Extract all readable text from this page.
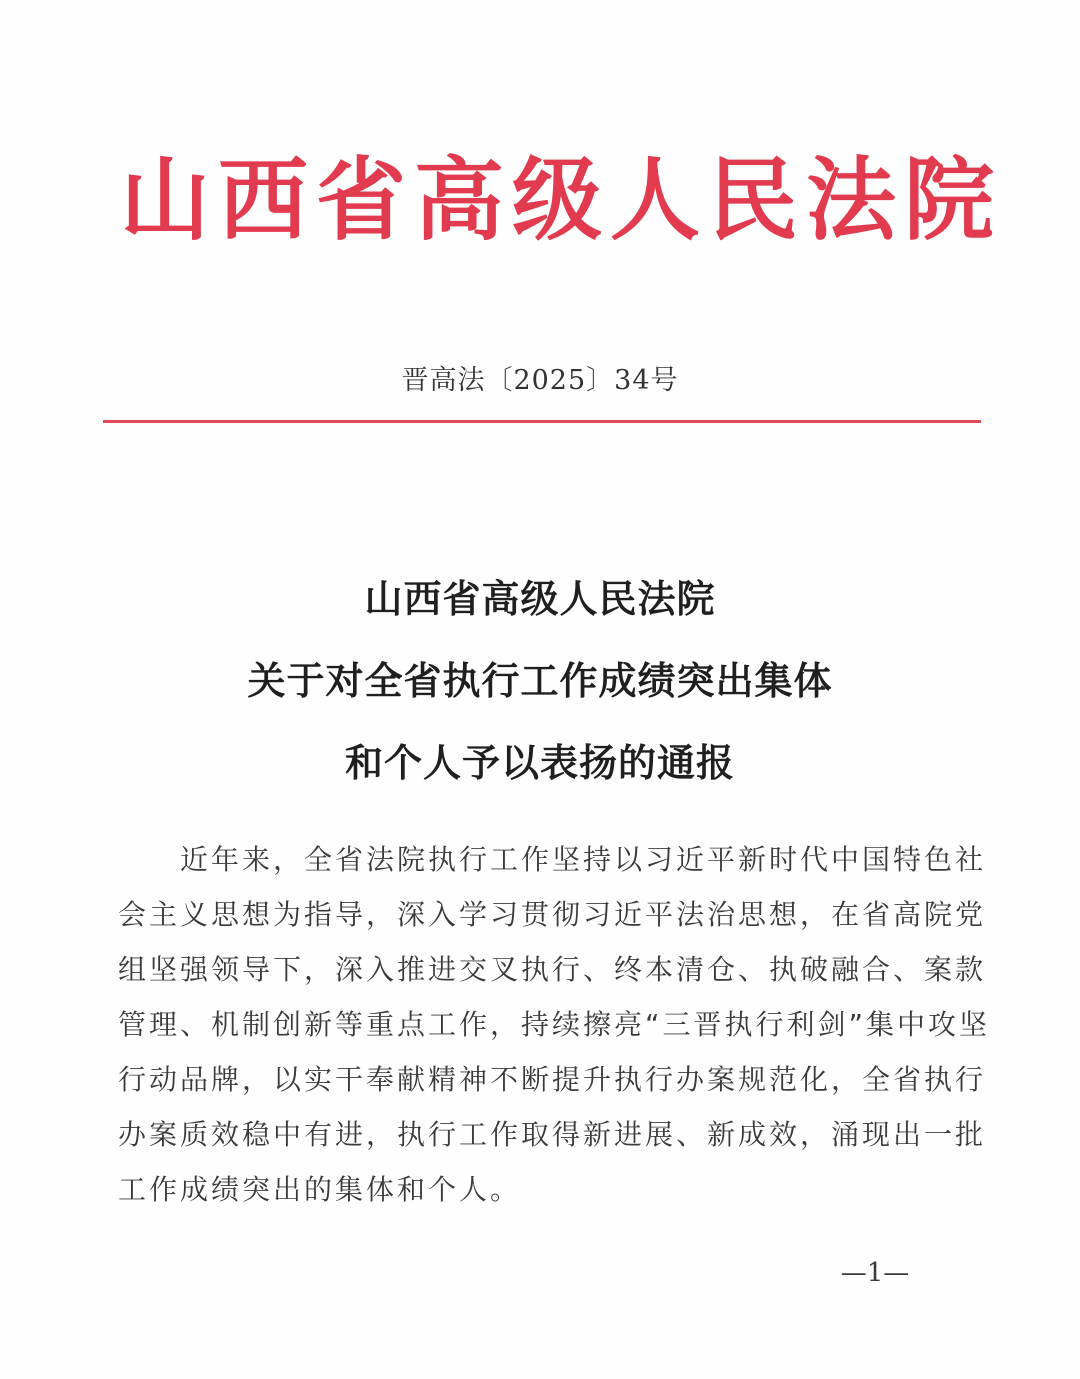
山西省高级人民法院
晋高法〔2025〕34号
山西省高级人民法院
关于对全省执行工作成绩突出集体
和个人予以表扬的通报
近年来，全省法院执行工作坚持以习近平新时代中国特色社
会主义思想为指导，深入学习贯彻习近平法治思想，在省高院党
组坚强领导下，深入推进交叉执行、终本清仓、执破融合、案款
管理、机制创新等重点工作，持续擦亮“三晋执行利剑”集中攻坚
行动品牌，以实干奉献精神不断提升执行办案规范化，全省执行
办案质效稳中有进，执行工作取得新进展、新成效，涌现出一批
工作成绩突出的集体和个人。
—1—
